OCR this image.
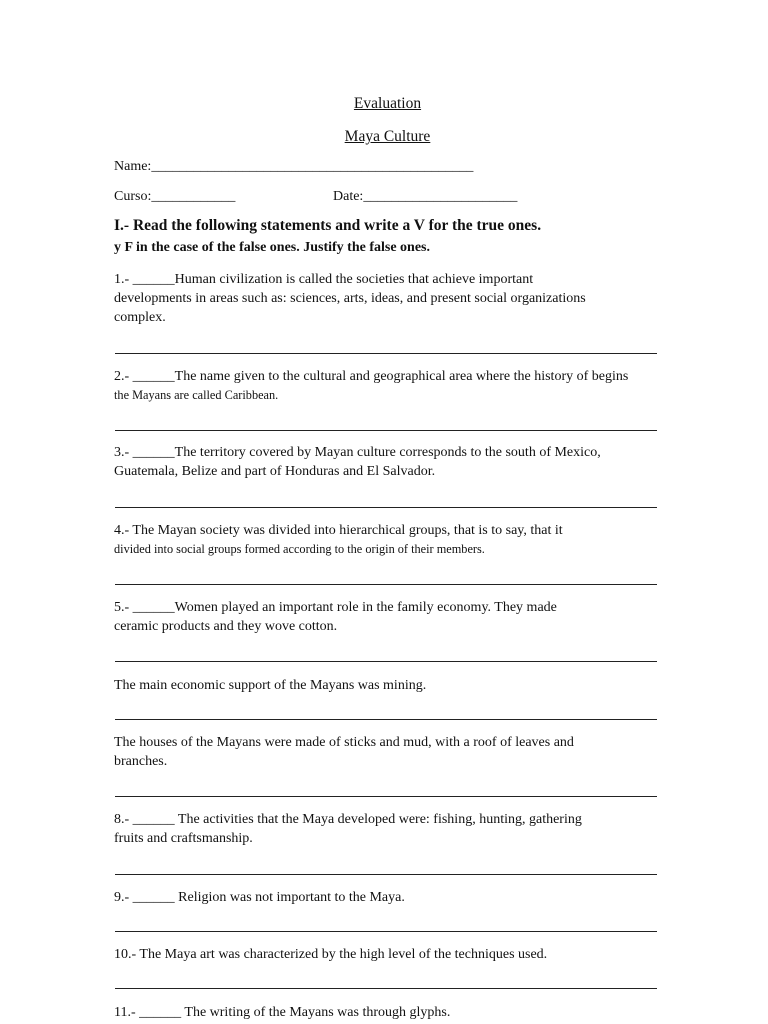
Evaluation
Maya Culture
Name:______________________________________________
Curso:____________	Date:______________________
I.- Read the following statements and write a V for the true ones.
y F in the case of the false ones. Justify the false ones.
1.- ______Human civilization is called the societies that achieve important
developments in areas such as: sciences, arts, ideas, and present social organizations
complex.
2.- ______The name given to the cultural and geographical area where the history of begins
the Mayans are called Caribbean.
3.- ______The territory covered by Mayan culture corresponds to the south of Mexico,
Guatemala, Belize and part of Honduras and El Salvador.
4.- The Mayan society was divided into hierarchical groups, that is to say, that it
divided into social groups formed according to the origin of their members.
5.- ______Women played an important role in the family economy. They made
ceramic products and they wove cotton.
The main economic support of the Mayans was mining.
The houses of the Mayans were made of sticks and mud, with a roof of leaves and
branches.
8.- ______ The activities that the Maya developed were: fishing, hunting, gathering
fruits and craftsmanship.
9.- ______ Religion was not important to the Maya.
10.- The Maya art was characterized by the high level of the techniques used.
11.- ______ The writing of the Mayans was through glyphs.
